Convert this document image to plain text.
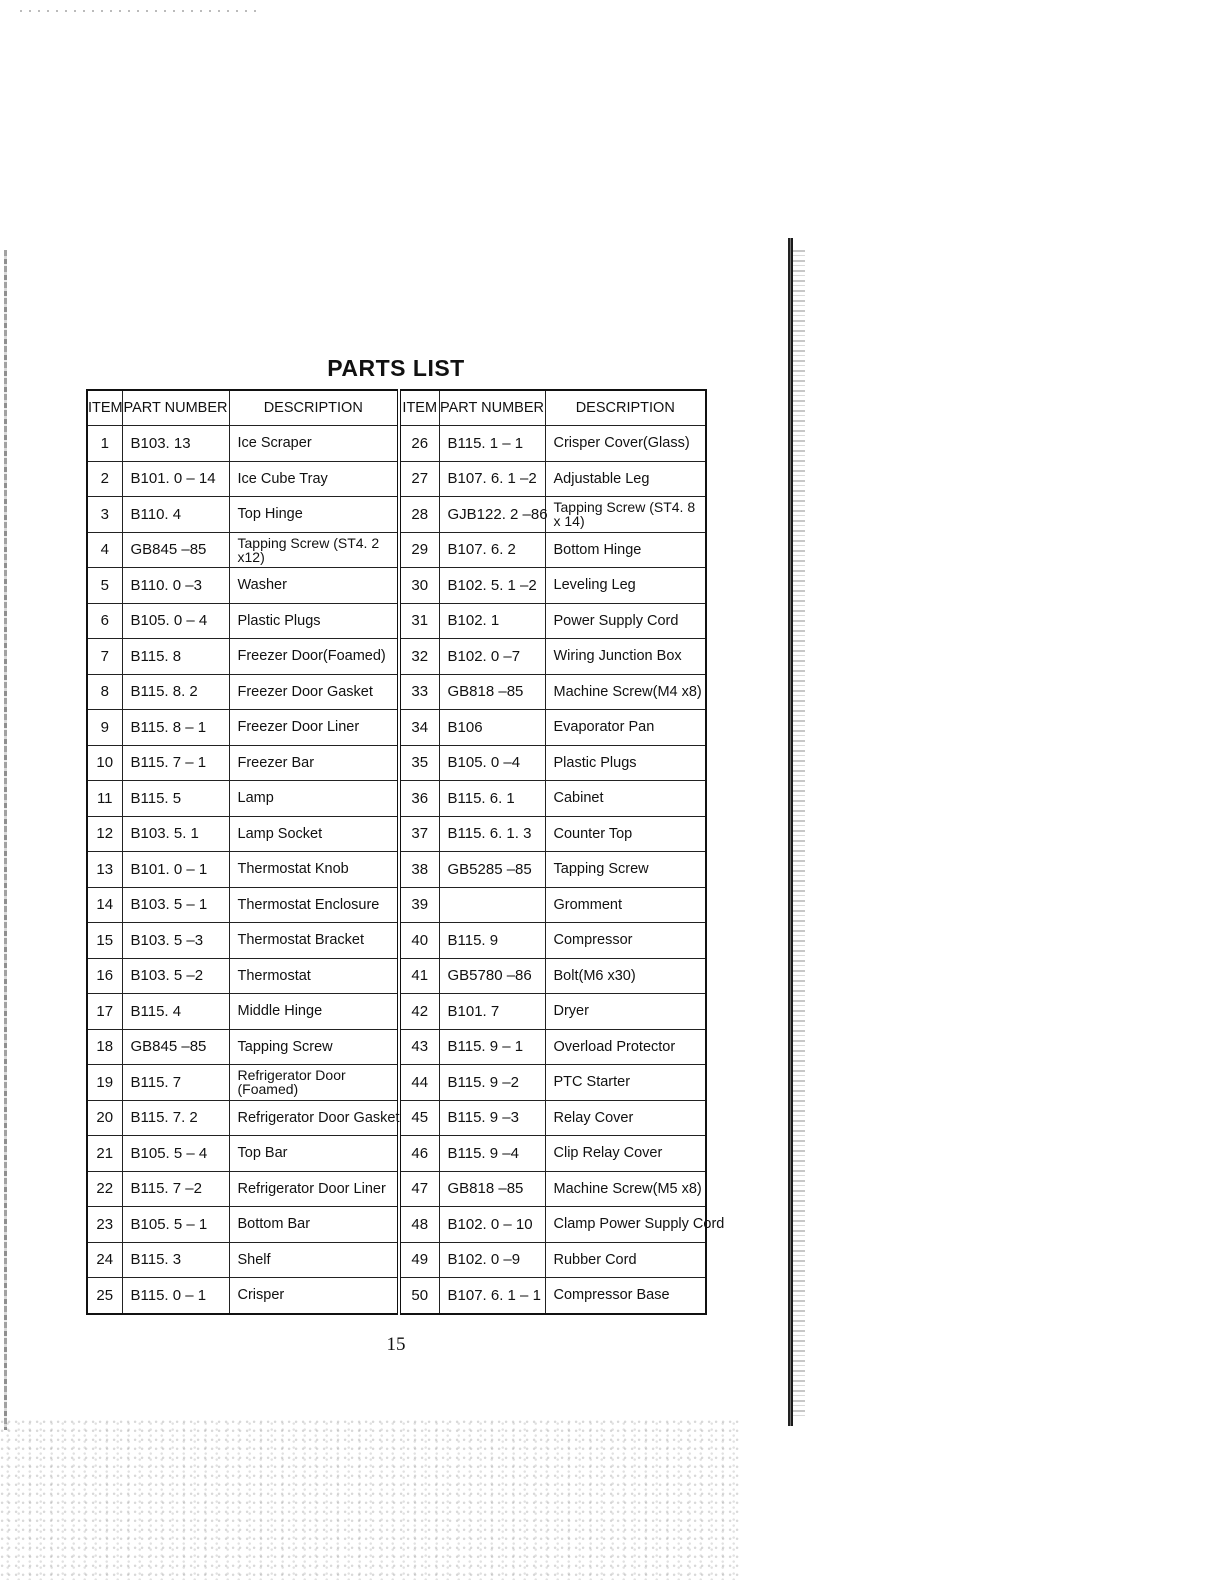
PARTS LIST
ITEM	PART NUMBER	DESCRIPTION	ITEM	PART NUMBER	DESCRIPTION
1	B103. 13	Ice Scraper	26	B115. 1 – 1	Crisper Cover(Glass)
2	B101. 0 – 14	Ice Cube Tray	27	B107. 6. 1 –2	Adjustable Leg
3	B110. 4	Top Hinge	28	GJB122. 2 –86	Tapping Screw (ST4. 8 x 14)
4	GB845 –85	Tapping Screw (ST4. 2 x12)	29	B107. 6. 2	Bottom Hinge
5	B110. 0 –3	Washer	30	B102. 5. 1 –2	Leveling Leg
6	B105. 0 – 4	Plastic Plugs	31	B102. 1	Power Supply Cord
7	B115. 8	Freezer Door(Foamed)	32	B102. 0 –7	Wiring Junction Box
8	B115. 8. 2	Freezer Door Gasket	33	GB818 –85	Machine Screw(M4 x8)
9	B115. 8 – 1	Freezer Door Liner	34	B106	Evaporator Pan
10	B115. 7 – 1	Freezer Bar	35	B105. 0 –4	Plastic Plugs
11	B115. 5	Lamp	36	B115. 6. 1	Cabinet
12	B103. 5. 1	Lamp Socket	37	B115. 6. 1. 3	Counter Top
13	B101. 0 – 1	Thermostat Knob	38	GB5285 –85	Tapping Screw
14	B103. 5 – 1	Thermostat Enclosure	39		Gromment
15	B103. 5 –3	Thermostat Bracket	40	B115. 9	Compressor
16	B103. 5 –2	Thermostat	41	GB5780 –86	Bolt(M6 x30)
17	B115. 4	Middle Hinge	42	B101. 7	Dryer
18	GB845 –85	Tapping Screw	43	B115. 9 – 1	Overload Protector
19	B115. 7	Refrigerator Door (Foamed)	44	B115. 9 –2	PTC Starter
20	B115. 7. 2	Refrigerator Door Gasket	45	B115. 9 –3	Relay Cover
21	B105. 5 – 4	Top Bar	46	B115. 9 –4	Clip Relay Cover
22	B115. 7 –2	Refrigerator Door Liner	47	GB818 –85	Machine Screw(M5 x8)
23	B105. 5 – 1	Bottom Bar	48	B102. 0 – 10	Clamp Power Supply Cord
24	B115. 3	Shelf	49	B102. 0 –9	Rubber Cord
25	B115. 0 – 1	Crisper	50	B107. 6. 1 – 1	Compressor Base
15
